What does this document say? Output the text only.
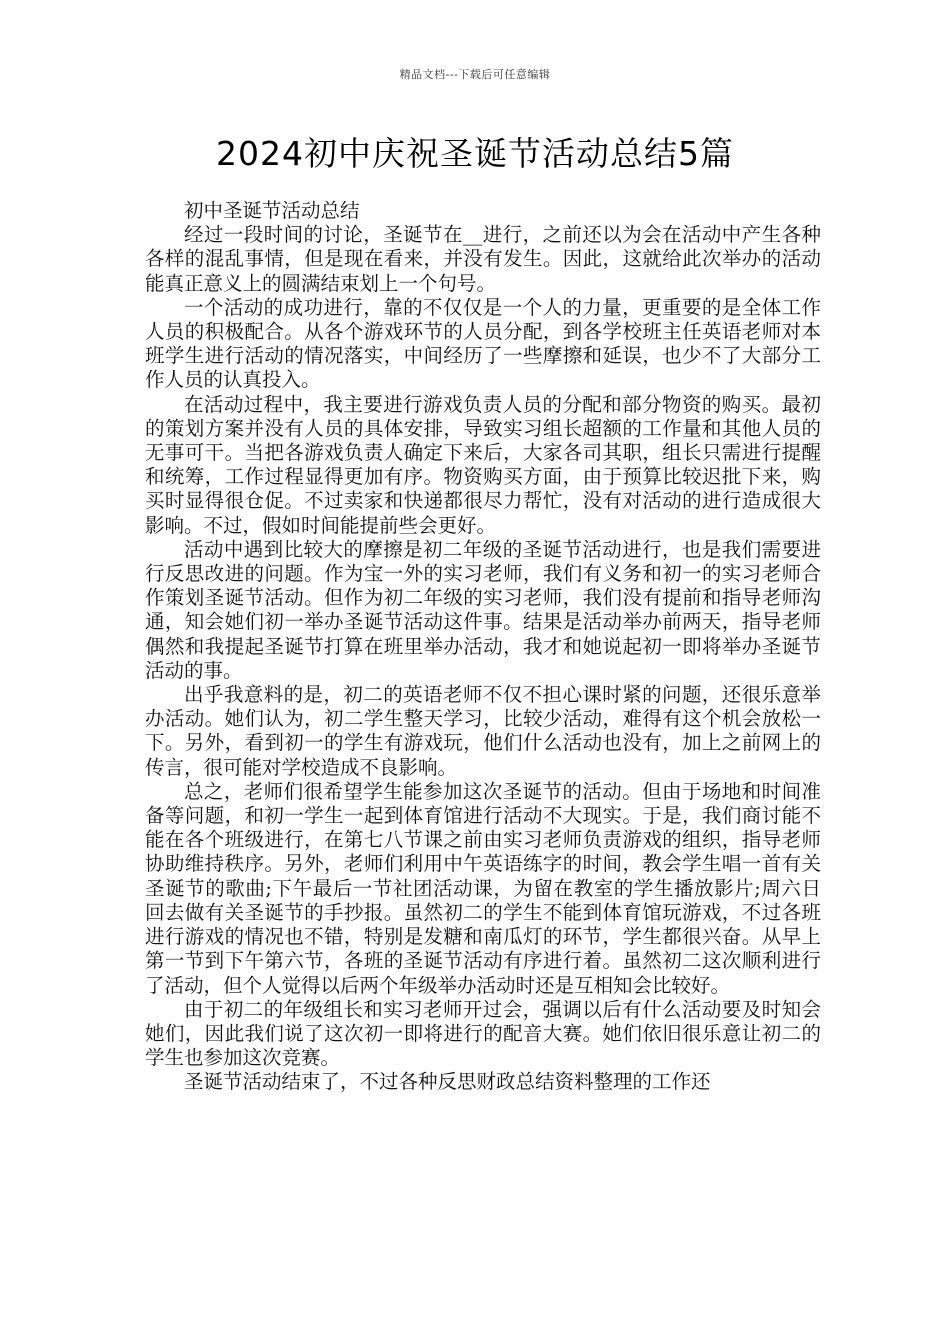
精品文档---下载后可任意编辑
2024初中庆祝圣诞节活动总结5篇

初中圣诞节活动总结

经过一段时间的讨论，圣诞节在__进行，之前还以为会在活动中产生各种各样的混乱事情，但是现在看来，并没有发生。因此，这就给此次举办的活动能真正意义上的圆满结束划上一个句号。

一个活动的成功进行，靠的不仅仅是一个人的力量，更重要的是全体工作人员的积极配合。从各个游戏环节的人员分配，到各学校班主任英语老师对本班学生进行活动的情况落实，中间经历了一些摩擦和延误，也少不了大部分工作人员的认真投入。

在活动过程中，我主要进行游戏负责人员的分配和部分物资的购买。最初的策划方案并没有人员的具体安排，导致实习组长超额的工作量和其他人员的无事可干。当把各游戏负责人确定下来后，大家各司其职，组长只需进行提醒和统筹，工作过程显得更加有序。物资购买方面，由于预算比较迟批下来，购买时显得很仓促。不过卖家和快递都很尽力帮忙，没有对活动的进行造成很大影响。不过，假如时间能提前些会更好。

活动中遇到比较大的摩擦是初二年级的圣诞节活动进行，也是我们需要进行反思改进的问题。作为宝一外的实习老师，我们有义务和初一的实习老师合作策划圣诞节活动。但作为初二年级的实习老师，我们没有提前和指导老师沟通，知会她们初一举办圣诞节活动这件事。结果是活动举办前两天，指导老师偶然和我提起圣诞节打算在班里举办活动，我才和她说起初一即将举办圣诞节活动的事。

出乎我意料的是，初二的英语老师不仅不担心课时紧的问题，还很乐意举办活动。她们认为，初二学生整天学习，比较少活动，难得有这个机会放松一下。另外，看到初一的学生有游戏玩，他们什么活动也没有，加上之前网上的传言，很可能对学校造成不良影响。

总之，老师们很希望学生能参加这次圣诞节的活动。但由于场地和时间准备等问题，和初一学生一起到体育馆进行活动不大现实。于是，我们商讨能不能在各个班级进行，在第七八节课之前由实习老师负责游戏的组织，指导老师协助维持秩序。另外，老师们利用中午英语练字的时间，教会学生唱一首有关圣诞节的歌曲;下午最后一节社团活动课，为留在教室的学生播放影片;周六日回去做有关圣诞节的手抄报。虽然初二的学生不能到体育馆玩游戏，不过各班进行游戏的情况也不错，特别是发糖和南瓜灯的环节，学生都很兴奋。从早上第一节到下午第六节，各班的圣诞节活动有序进行着。虽然初二这次顺利进行了活动，但个人觉得以后两个年级举办活动时还是互相知会比较好。

由于初二的年级组长和实习老师开过会，强调以后有什么活动要及时知会她们，因此我们说了这次初一即将进行的配音大赛。她们依旧很乐意让初二的学生也参加这次竞赛。

圣诞节活动结束了，不过各种反思财政总结资料整理的工作还
